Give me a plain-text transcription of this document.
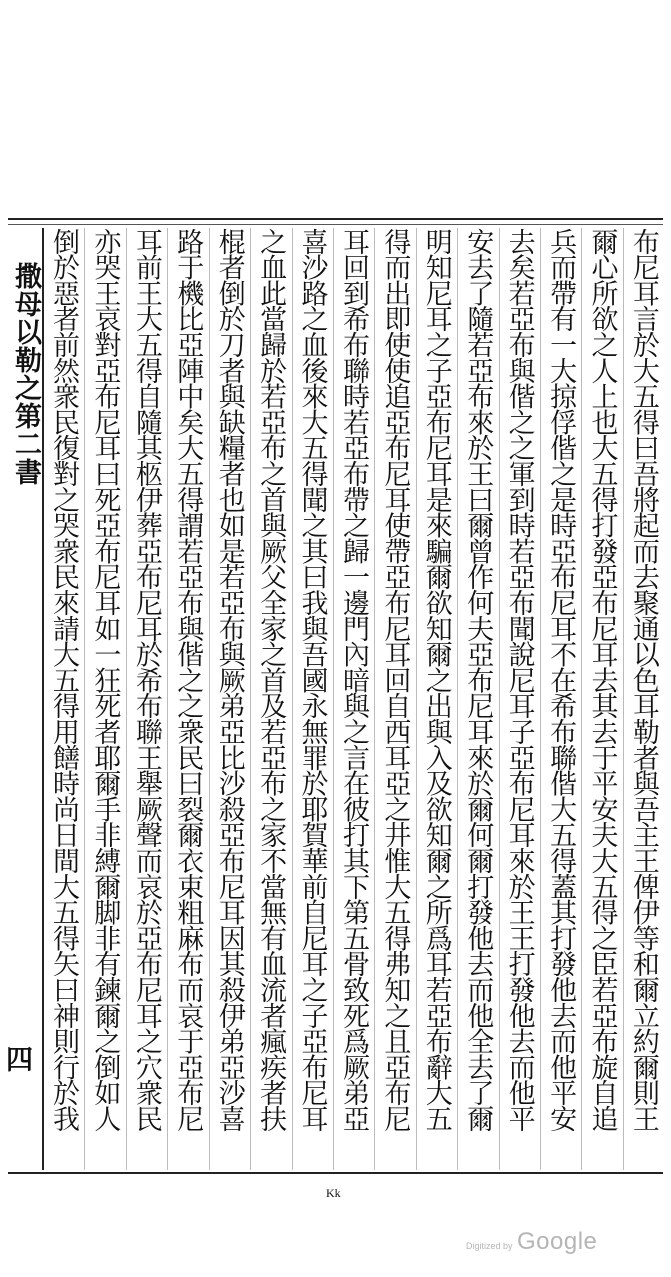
撒母以勒之第二書
四	布尼耳言於大五得曰吾將起而去聚通以色耳勒者與吾主王俾伊等和爾立約爾則王
爾心所欲之人上也大五得打發亞布尼耳去其去于平安夫大五得之臣若亞布旋自追
兵而帶有一大掠俘偕之是時亞布尼耳不在希布聯偕大五得蓋其打發他去而他平安
去矣若亞布與偕之之軍到時若亞布聞說尼耳子亞布尼耳來於王王打發他去而他平
安去了隨若亞布來於王曰爾曾作何夫亞布尼耳來於爾何爾打發他去而他全去了爾
明知尼耳之子亞布尼耳是來騙爾欲知爾之出與入及欲知爾之所爲耳若亞布辭大五
得而出即使使追亞布尼耳使帶亞布尼耳回自西耳亞之井惟大五得弗知之且亞布尼
耳回到希布聯時若亞布帶之歸一邊門內暗與之言在彼打其下第五骨致死爲厥弟亞
喜沙路之血後來大五得聞之其曰我與吾國永無罪於耶賀華前自尼耳之子亞布尼耳
之血此當歸於若亞布之首與厥父全家之首及若亞布之家不當無有血流者瘋疾者扶
棍者倒於刀者與缺糧者也如是若亞布與厥弟亞比沙殺亞布尼耳因其殺伊弟亞沙喜
路于機比亞陣中矣大五得謂若亞布與偕之之衆民曰裂爾衣束粗麻布而哀于亞布尼
耳前王大五得自隨其柩伊葬亞布尼耳於希布聯王舉厥聲而哀於亞布尼耳之穴衆民
亦哭王哀對亞布尼耳曰死亞布尼耳如一狂死者耶爾手非縛爾脚非有鍊爾之倒如人
倒於惡者前然衆民復對之哭衆民來請大五得用饍時尚日間大五得矢曰神則行於我
Kk
Digitized by Google
